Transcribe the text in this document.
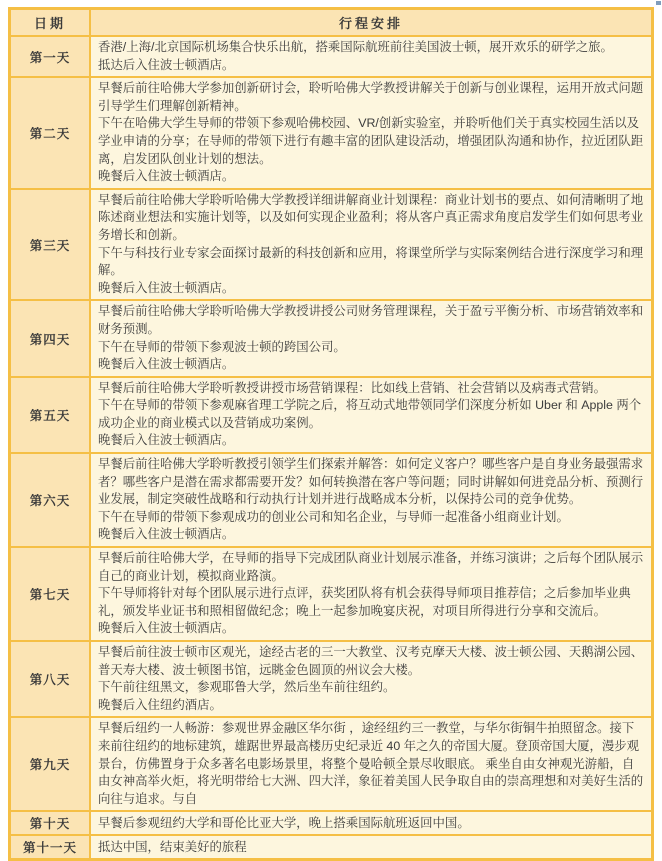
日期	行程安排
第一天	香港/上海/北京国际机场集合快乐出航，搭乘国际航班前往美国波士顿，展开欢乐的研学之旅。
抵达后入住波士顿酒店。

第二天	早餐后前往哈佛大学参加创新研讨会，聆听哈佛大学教授讲解关于创新与创业课程，运用开放式问题引导学生们理解创新精神。
下午在哈佛大学生导师的带领下参观哈佛校园、VR/创新实验室，并聆听他们关于真实校园生活以及学业申请的分享；在导师的带领下进行有趣丰富的团队建设活动，增强团队沟通和协作，拉近团队距离，启发团队创业计划的想法。
晚餐后入住波士顿酒店。

第三天	早餐后前往哈佛大学聆听哈佛大学教授详细讲解商业计划课程：商业计划书的要点、如何清晰明了地陈述商业想法和实施计划等，以及如何实现企业盈利；将从客户真正需求角度启发学生们如何思考业务增长和创新。
下午与科技行业专家会面探讨最新的科技创新和应用，将课堂所学与实际案例结合进行深度学习和理解。
晚餐后入住波士顿酒店。

第四天	早餐后前往哈佛大学聆听哈佛大学教授讲授公司财务管理课程，关于盈亏平衡分析、市场营销效率和财务预测。
下午在导师的带领下参观波士顿的跨国公司。
晚餐后入住波士顿酒店。

第五天	早餐后前往哈佛大学聆听教授讲授市场营销课程：比如线上营销、社会营销以及病毒式营销。
下午在导师的带领下参观麻省理工学院之后，将互动式地带领同学们深度分析如 Uber 和 Apple 两个成功企业的商业模式以及营销成功案例。
晚餐后入住波士顿酒店。

第六天	早餐后前往哈佛大学聆听教授引领学生们探索并解答：如何定义客户？哪些客户是自身业务最强需求者？哪些客户是潜在需求都需要开发？如何转换潜在客户等问题；同时讲解如何进竞品分析、预测行业发展，制定突破性战略和行动执行计划并进行战略成本分析，以保持公司的竞争优势。
下午在导师的带领下参观成功的创业公司和知名企业，与导师一起准备小组商业计划。
晚餐后入住波士顿酒店。

第七天	早餐后前往哈佛大学，在导师的指导下完成团队商业计划展示准备，并练习演讲；之后每个团队展示自己的商业计划，模拟商业路演。
下午导师将针对每个团队展示进行点评，获奖团队将有机会获得导师项目推荐信；之后参加毕业典礼，颁发毕业证书和照相留做纪念；晚上一起参加晚宴庆祝，对项目所得进行分享和交流后。
晚餐后入住波士顿酒店。

第八天	早餐后前往波士顿市区观光，途经古老的三一大教堂、汉考克摩天大楼、波士顿公园、天鹅湖公园、普天寿大楼、波士顿图书馆，远眺金色圆顶的州议会大楼。
下午前往纽黑文，参观耶鲁大学，然后坐车前往纽约。
晚餐后入住纽约酒店。

第九天	早餐后纽约一人畅游：参观世界金融区华尔街 ，途经纽约三一教堂，与华尔街铜牛拍照留念。接下来前往纽约的地标建筑，雄踞世界最高楼历史纪录近 40 年之久的帝国大厦。登顶帝国大厦，漫步观景台，仿佛置身于众多著名电影场景里，将整个曼哈顿全景尽收眼底。 乘坐自由女神观光游船，自由女神高举火炬，将光明带给七大洲、四大洋，象征着美国人民争取自由的崇高理想和对美好生活的向往与追求。与自

第十天	早餐后参观纽约大学和哥伦比亚大学，晚上搭乘国际航班返回中国。

第十一天	抵达中国，结束美好的旅程
